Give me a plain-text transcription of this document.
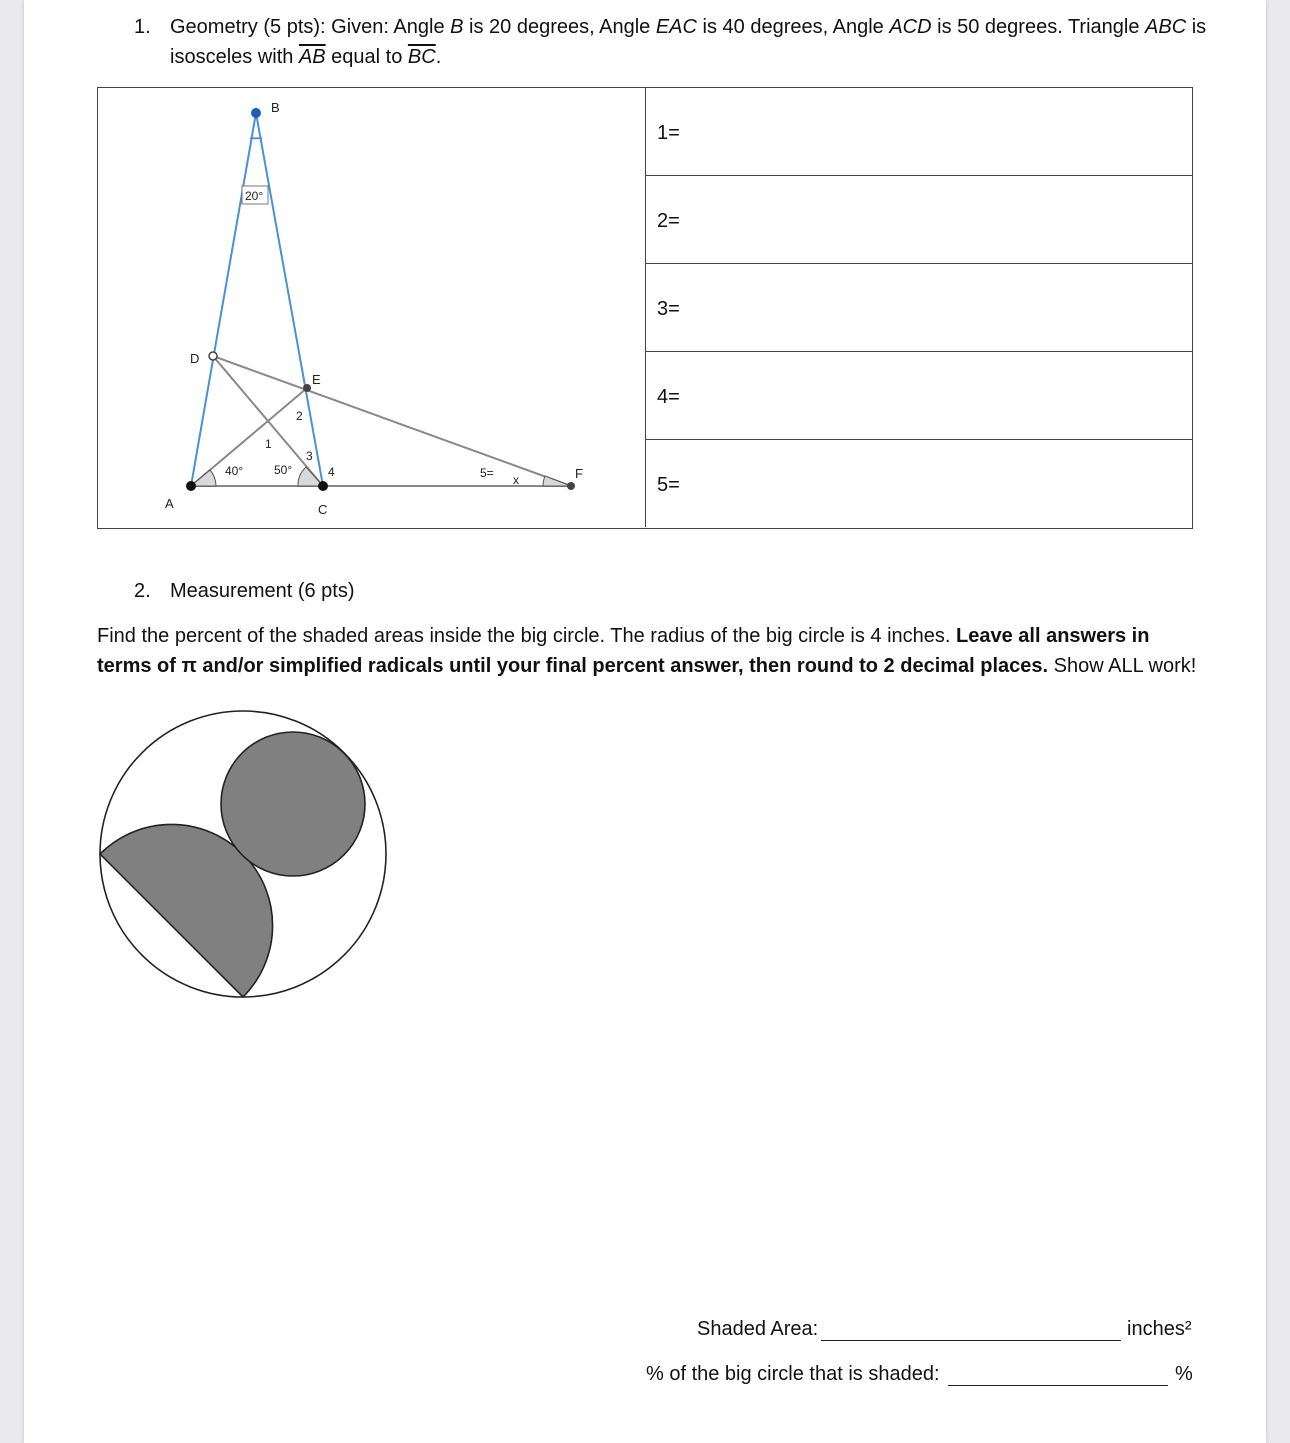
1. Geometry (5 pts): Given: Angle B is 20 degrees, Angle EAC is 40 degrees, Angle ACD is 50 degrees. Triangle ABC is isosceles with $\overline{AB}$ equal to $\overline{BC}$.
B
A	C
D
E
F
20°
40°	50°
1
2
3
4	5= x
1=
2=
3=
4=
5=
2. Measurement (6 pts)
Find the percent of the shaded areas inside the big circle. The radius of the big circle is 4 inches. Leave all answers in terms of π and/or simplified radicals until your final percent answer, then round to 2 decimal places. Show ALL work!
Shaded Area:	inches²
% of the big circle that is shaded:	%
